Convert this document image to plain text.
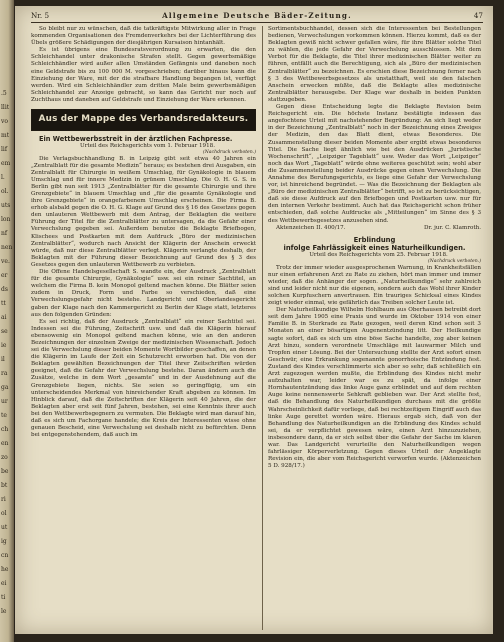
.5
llit
vo
mt
lif
em
l.
ol.
uts
lon
nf
nen
ve.
er
ds
tt
ai
se
ie
il
ra
ga
ur
te
ch
en
zo
be
bt
ri
ol
ut
ig
cn
he
ei
ti
le
Nr. 5	Allgemeine Deutsche Bäder-Zeitung.	47

So bleibt nur zu wünschen, daß die tatkräftigste Mitwirkung aller in Frage kommenden Organisationen des Fremdenverkehrs bei der Lichterführung des Übels größere Schädigungen der diesjährigen Kursaison hintanhält.

Es ist übrigens eine Bundesratsverordnung zu erwarten, die den Schleichhandel unter drakonische Strafen stellt. Gegen gewerbsmäßige Schleichhändler wird außer allen Umständen Gefängnis und daneben noch eine Geldstrafe bis zu 100 000 M. vorgeschrieben; darüber hinaus kann die Einziehung der Ware, mit der die strafbare Handlung begangen ist, verfügt werden. Wird ein Schleichhändler zum dritten Male beim gewerbsmäßigen Schleichhandel zur Anzeige gebracht, so kann das Gericht nur noch auf Zuchthaus und daneben auf Geldstrafe und Einziehung der Ware erkennen.

Aus der Mappe des Verbandsredakteurs.

Ein Wettbewerbsstreit in der ärztlichen Fachpresse.

Urteil des Reichsgerichts vom 1. Februar 1918.

(Nachdruck verboten.)

Die Verlagsbuchhandlung B. in Leipzig gibt seit etwa 40 Jahren ein „Zentralblatt für die gesamte Medizin“ heraus; es bestehen drei Ausgaben, ein Zentralblatt für Chirurgie in weißem Umschlag, für Gynäkologie in blauem Umschlag und für innere Medizin in grünem Umschlag. Die O. H. G. S. in Berlin gibt nun seit 1913 „Zentralblätter für die gesamte Chirurgie und ihre Grenzgebiete“ in blauem Umschlag und „für die gesamte Gynäkologie und ihre Grenzgebiete“ in orangefarbenem Umschlag erscheinen. Die Firma B. erhob alsbald gegen die O. H. G. Klage auf Grund des § 16 des Gesetzes gegen den unlauteren Wettbewerb mit dem Antrag, der Beklagten die weitere Führung der Titel für die Zentralblätter zu untersagen, da die Gefahr einer Verwechslung gegeben sei. Außerdem benutze die Beklagte Briefbogen, Klischees und Postkarten mit dem Aufdruck „Büro der medizinischen Zentralblätter“, wodurch nach Ansicht der Klägerin der Anschein erweckt würde, daß nur diese Zentralblätter verlegt. Klägerin verlangte deshalb, der Beklagten mit der Führung dieser Bezeichnung auf Grund des § 3 des Gesetzes gegen den unlauteren Wettbewerb zu verbieten.

Die Offene Handelsgesellschaft S. wandte ein, der Ausdruck „Zentralblatt für die gesamte Chirurgie, Gynäkologie“ usw. sei ein reiner Sachtitel, an welchem die Firma B. kein Monopol geltend machen könne. Die Blätter seien zudem in Druck, Form und Farbe so verschieden, daß eine Verwechslungsgefahr nicht bestehe. Landgericht und Oberlandesgericht gaben der Klage nach den Kammergericht zu Berlin der Klage statt, letzteres aus den folgenden Gründen:

Es sei richtig, daß der Ausdruck „Zentralblatt“ ein reiner Sachtitel sei. Indessen sei die Führung, Zeitschrift usw. und daß die Klägerin hierauf ebensowenig ein Monopol geltend machen könne, wie an den anderen Bezeichnungen der einzelnen Zweige der medizinischen Wissenschaft. Jedoch sei die Verwechslung dieser beiden Momente Wortbilder geschaffen, an denen die Klägerin im Laufe der Zeit ein Schutzrecht erworben hat. Die von der Beklagten gewählten Bezeichnungen der Titel ihrer Zeitschriften würden geeignet, daß die Gefahr der Verwechslung bestehe. Daran ändern auch die Zusätze, welche in dem Wort „gesamte“ und in der Ausdehnung auf die Grenzgebiete liegen, nichts. Sie seien so geringfügig, um ein unterscheidendes Merkmal von hinreichender Kraft abgeben zu können. Im Hinblick darauf, daß die Zeitschriften der Klägerin seit 40 Jahren, die der Beklagten aber erst seit fünf Jahren, bestehen, sei eine Kenntnis ihrer auch bei den Wettbewerbsgegnern zu vermuten. Die Beklagte wird man darauf hin, daß es sich um Fachorgane handele; die Kreis der Interessenten wisse ohne genauen Bescheid, eine Verwechslung sei deshalb nicht zu befürchten. Denn bei entgegenstehendem, daß auch im

Sortimentsbuchhandel, dessen sich die Interessenten bei Bestellungen bedienen, Verwechslungen vorkommen können. Hierzu kommt, daß es der Beklagten gewiß nicht schwer gefallen wäre, für ihre Blätter solche Titel zu wählen, die jede Gefahr der Verwechslung ausschlossen. Mit dem Verbot für die Beklagte, die Titel ihrer medizinischen Blätter weiter zu führen, entfällt auch die Berechtigung, sich als „Büro der medizinischen Zentralblätter“ zu bezeichnen. Es erschien diese Bezeichnung ferner nach § 3 des Wettbewerbsgesetzes als unstatthaft, weil sie den falschen Anschein erwecken müßte, daß die Beklagte alles medizinische Zentralblätter herausgebe. Der Klage war deshalb in beiden Punkten stattzugeben.

Gegen diese Entscheidung legte die Beklagte Revision beim Reichsgericht ein. Die höchste Instanz bestätigte indessen das angefochtene Urteil mit nachstehender Begründung: An sich liegt weder in der Bezeichnung „Zentralblatt“ noch in der Bezeichnung eines Zweiges der Medizin, den das Blatt dient, etwas Besonderes. Die Zusammenstellung dieser beiden Momente aber ergibt etwas besonderes Titel. Die Sache liegt ähnlich wie bei den Ausdrücken „Juristische Wochenschrift“, „Leipziger Tageblatt“ usw. Weder das Wort „Leipziger“ noch das Wort „Tageblatt“ würde ohne weiteres geschützt sein; wohl aber die Zusammenstellung beider Ausdrücke gegen einen Verwechslung. Die Annahme des Berufungsgerichts, es liege eine Gefahr der Verwechslung vor, ist hinreichend begründet. — Was die Bezeichnung der Beklagten als „Büro der medizinischen Zentralblätter“ betrifft, so ist zu berücksichtigen, daß sie diese Aufdruck auf den Briefbogen und Postkarten usw. nur für den internen Verkehr bestimmt. Auch hat das Reichsgericht schon früher entschieden, daß solche Aufdrucke als „Mitteilungen“ im Sinne des § 3 des Wettbewerbsgesetzes anzusehen sind.

Aktenzeichen II. 400/17.	Dr. jur. C. Klamroth.

Erblindung
infolge Fahrlässigkeit eines Naturheilkundigen.

Urteil des Reichsgerichts vom 25. Februar 1918.

(Nachdruck verboten.)

Trotz der immer wieder ausgesprochenen Warnung, in Krankheitsfällen nur einen erfahrenen Arzt zu Rate zu ziehen, hört man immer und immer wieder, daß die Anhänger der sogen. „Naturheilkundige“ sehr zahlreich sind und leider nicht nur die eigenen, sondern auch das Wohl ihrer Kinder solchen Kurpfuschern anvertrauen. Ein trauriges Schicksal eines Kindes zeigt wieder einmal, wie gefährlich das Treiben solcher Leute ist.

Der Naturheilkundige Wilhelm Hohlbaum aus Oberhausen betreibt dort seit dem Jahre 1905 eine Praxis und wurde im Oktober 1914 von einer Familie B. in Sterkrade zu Rate gezogen, weil deren Kind schon seit 3 Monaten an einer bösartigen Augenentzündung litt. Der Heilkundige sagte sofort, daß es sich um eine böse Sache handelte, zog aber keinen Arzt hinzu, sondern verordnete Umschläge mit lauwarmer Milch und Tropfen einer Lösung. Bei der Untersuchung stellte der Arzt sofort einen Geschwür, eine Erkrankung sogenannte gonorrhoische Entzündung fest. Zustand des Kindes verschlimmerte sich aber so sehr, daß schließlich ein Arzt zugezogen werden mußte, die Erblindung des Kindes nicht mehr aufzuhalten war, leider war es zu spät, da infolge einer Hornhautentzündung das linke Auge ganz erblindet und auf dem rechten Auge keine nennenswerte Sehkraft geblieben war. Der Arzt stellte fest, daß die Behandlung des Naturheilkundigen durchaus mit die größte Wahrscheinlichkeit dafür vorliege, daß bei rechtzeitigem Eingriff auch das linke Auge gerettet worden wäre. Hieraus ergab sich, daß von der Behandlung des Naturheilkundigen an die Erblindung des Kindes schuld sei, da er verpflichtet gewesen wäre, einen Arzt hinzuzuziehen, insbesondere dann, da er sich selbst über die Gefahr der Sache im klaren war. Das Landgericht verurteilte den Naturheilkundigen wegen fahrlässiger Körperverletzung. Gegen dieses Urteil der Angeklagte Revision ein, die aber vom Reichsgericht verworfen wurde. (Aktenzeichen 5 D. 928/17.)
